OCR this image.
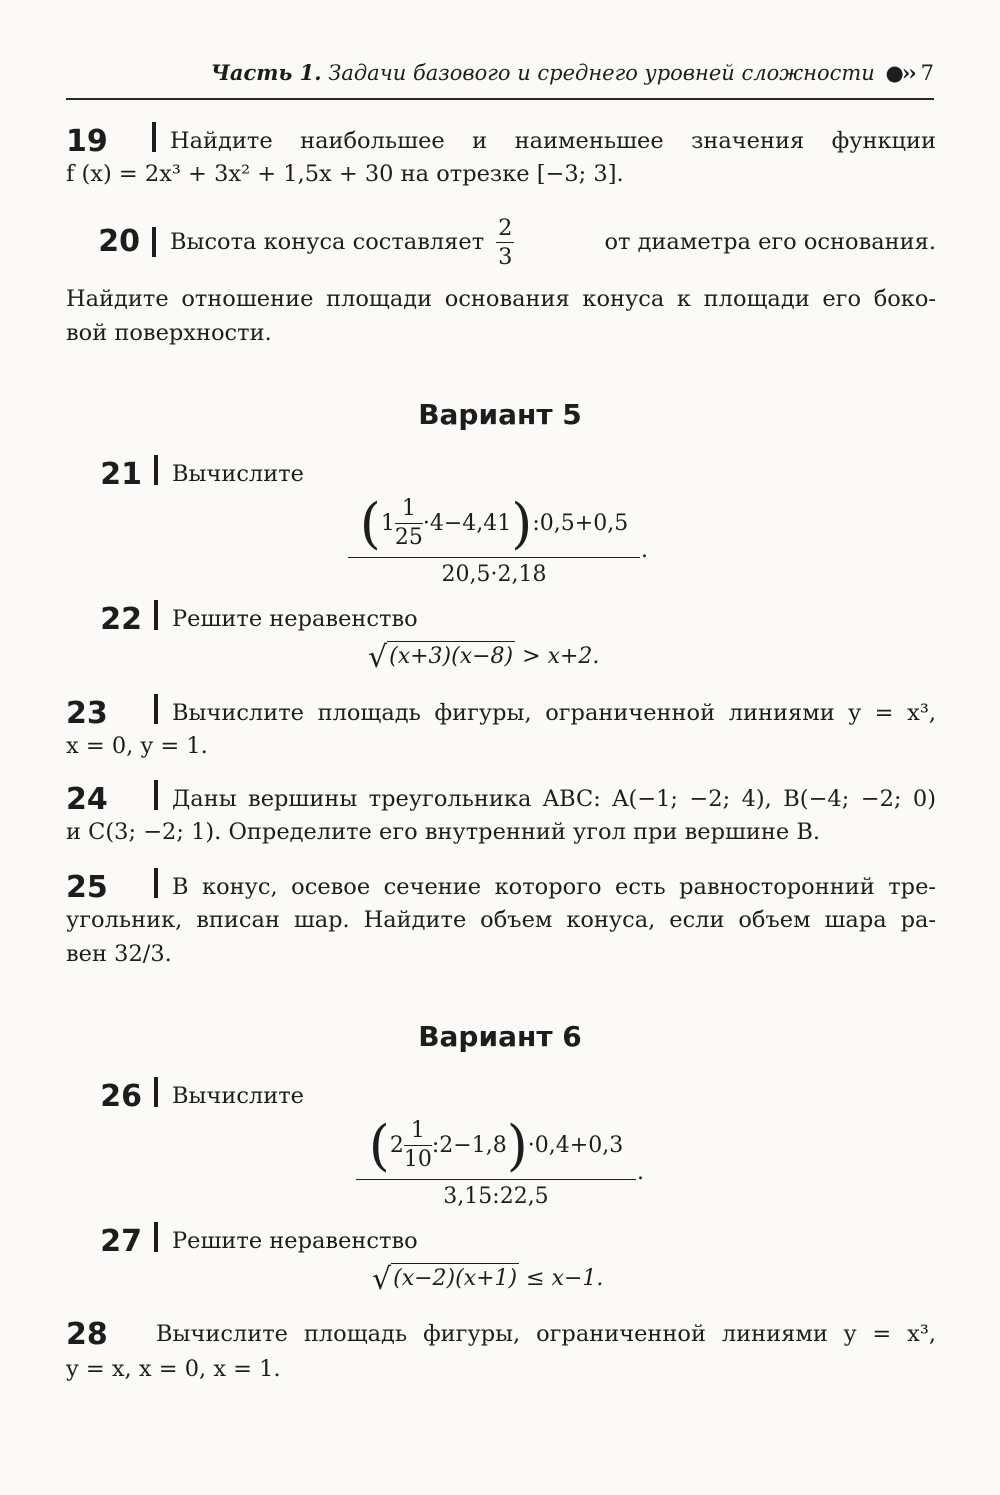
Часть 1. Задачи базового и среднего уровней сложности ●›› 7
19	Найдите наибольшее и наименьшее значения функции
f (x) = 2x³ + 3x² + 1,5x + 30 на отрезке [−3; 3].
20 Высота конуса составляет $\frac{2}{3}$	от диаметра его основания.
Найдите отношение площади основания конуса к площади его боко-
вой поверхности.
Вариант 5
21 Вычислите
($1 \frac{1}{25}$ ·4−4,41):0,5+0,5
20,5·2,18
.
22 Решите неравенство
√(x+3)(x−8) > x+2.
23	Вычислите площадь фигуры, ограниченной линиями y = x³,
x = 0, y = 1.
24	Даны вершины треугольника ABC: A(−1; −2; 4), B(−4; −2; 0)
и C(3; −2; 1). Определите его внутренний угол при вершине B.
25	В конус, осевое сечение которого есть равносторонний тре-
угольник, вписан шар. Найдите объем конуса, если объем шара ра-
вен 32/3.
Вариант 6
26 Вычислите
($2 \frac{1}{10}$ :2−1,8)·0,4+0,3
3,15:22,5
.
27 Решите неравенство
√(x−2)(x+1) ≤ x−1.
28 Вычислите площадь фигуры, ограниченной линиями y = x³,
y = x, x = 0, x = 1.
